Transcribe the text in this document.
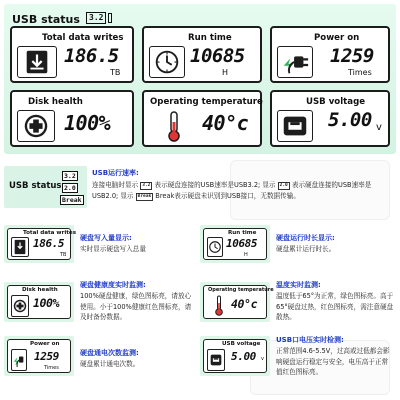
USB status	3.2
Total data writes
186.5
TB
Run time
10685
H
Power on
1259
Times
Disk health
100%
Operating temperature
40°c
USB voltage
5.00 v
USB status
3.2
2.0
Break
USB运行速率:
连接电脑时显示 3.2 表示硬盘连接的USB速率是USB3.2; 显示 2.0 表示硬盘连接的USB速率是USB2.0; 显示 Break Break表示硬盘未识别到USB接口，无数据传输。
Total data writes
186.5
TB
硬盘写入量显示:
实时显示硬盘写入总量
Run time
10685
H
硬盘运行时长显示:
硬盘累计运行时长。
Disk health
100%
硬盘健康度实时监测:
100%硬盘健康，绿色图标亮，请放心使用。小于100%健康红色图标亮，请及时备份数据。
Operating temperature
40°c
温度实时监测:
温度低于65°为正常，绿色图标亮。高于65°硬盘过热，红色图标亮，需注意硬盘散热。
Power on
1259
Times
硬盘通电次数监测:
硬盘累计通电次数。
USB voltage
5.00 v
USB口电压实时检测:
正常范围4.6-5.5V，过高或过低都会影响硬盘运行稳定与安全，电压高于正常值红色图标亮。
